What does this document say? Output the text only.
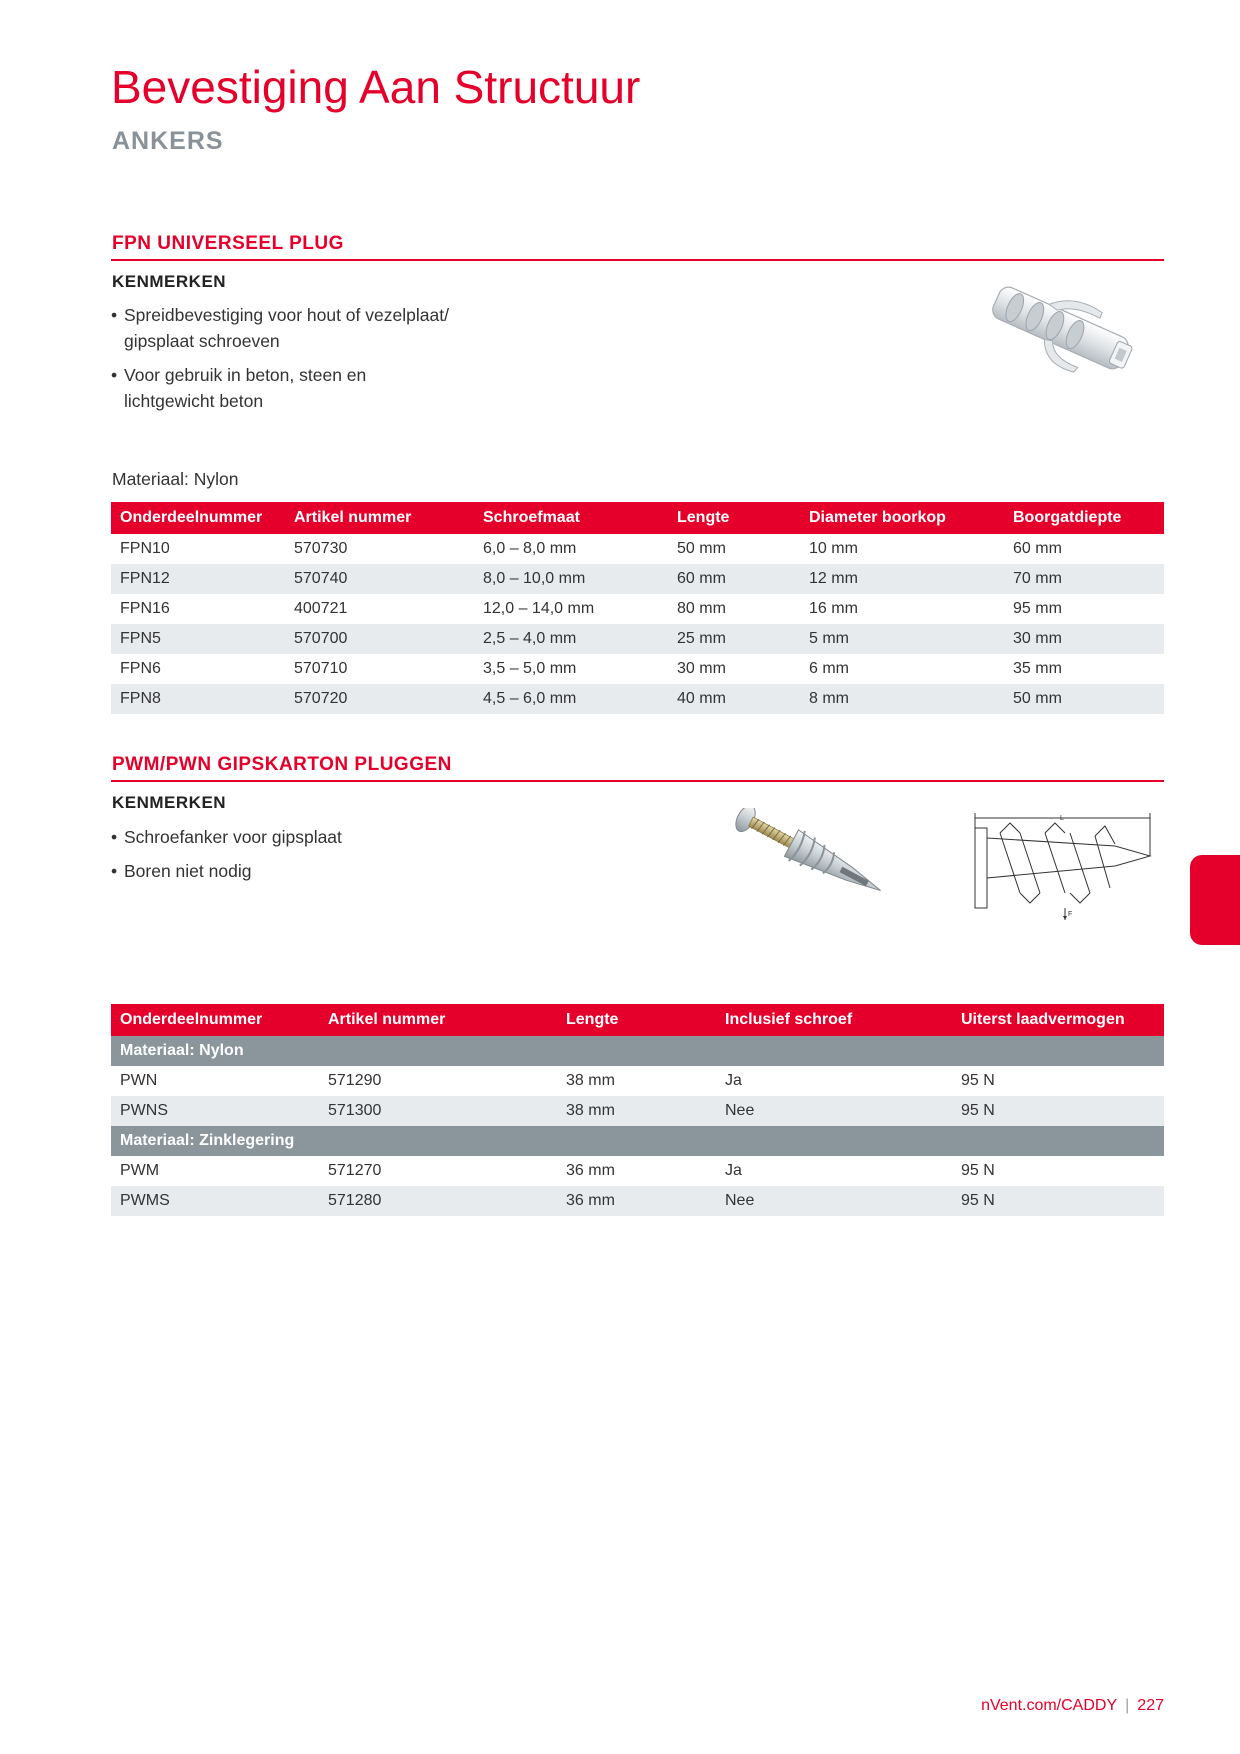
Bevestiging Aan Structuur
ANKERS
FPN UNIVERSEEL PLUG
KENMERKEN
• Spreidbevestiging voor hout of vezelplaat/ gipsplaat schroeven
• Voor gebruik in beton, steen en lichtgewicht beton
Materiaal: Nylon
Onderdeelnummer	Artikel nummer	Schroefmaat	Lengte	Diameter boorkop	Boorgatdiepte
FPN10	570730	6,0 – 8,0 mm	50 mm	10 mm	60 mm
FPN12	570740	8,0 – 10,0 mm	60 mm	12 mm	70 mm
FPN16	400721	12,0 – 14,0 mm	80 mm	16 mm	95 mm
FPN5	570700	2,5 – 4,0 mm	25 mm	5 mm	30 mm
FPN6	570710	3,5 – 5,0 mm	30 mm	6 mm	35 mm
FPN8	570720	4,5 – 6,0 mm	40 mm	8 mm	50 mm
PWM/PWN GIPSKARTON PLUGGEN
KENMERKEN
• Schroefanker voor gipsplaat
• Boren niet nodig
L
F
Onderdeelnummer	Artikel nummer	Lengte	Inclusief schroef	Uiterst laadvermogen
Materiaal: Nylon				
PWN	571290	38 mm	Ja	95 N
PWNS	571300	38 mm	Nee	95 N
Materiaal: Zinklegering				
PWM	571270	36 mm	Ja	95 N
PWMS	571280	36 mm	Nee	95 N
nVent.com/CADDY | 227
